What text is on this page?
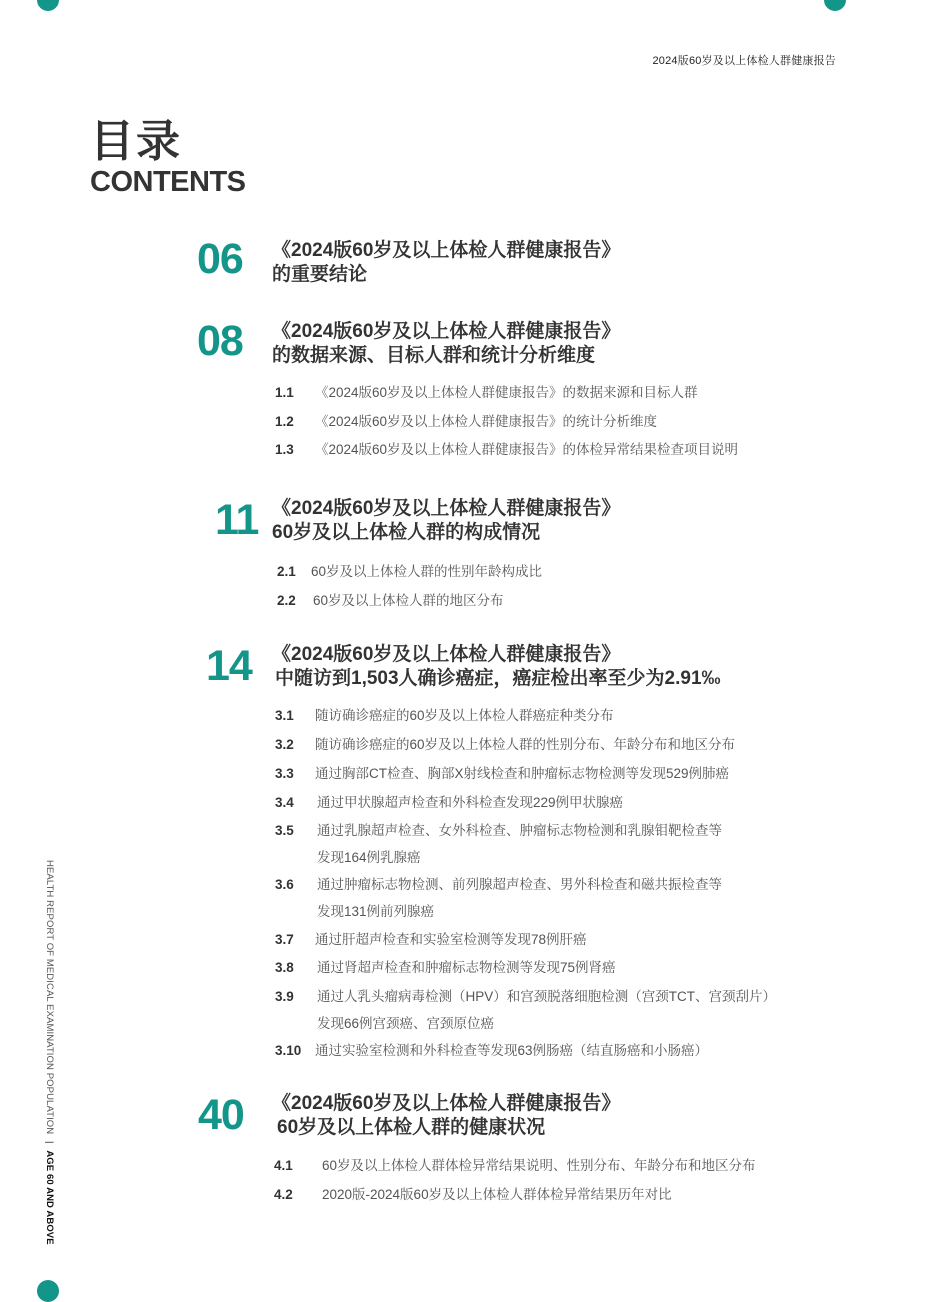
2024版60岁及以上体检人群健康报告
HEALTH REPORT OF MEDICAL EXAMINATION POPULATION | AGE 60 AND ABOVE
目录
CONTENTS
06 《2024版60岁及以上体检人群健康报告》
的重要结论
08 《2024版60岁及以上体检人群健康报告》
的数据来源、目标人群和统计分析维度
1.1 《2024版60岁及以上体检人群健康报告》的数据来源和目标人群
1.2 《2024版60岁及以上体检人群健康报告》的统计分析维度
1.3 《2024版60岁及以上体检人群健康报告》的体检异常结果检查项目说明
11 《2024版60岁及以上体检人群健康报告》
60岁及以上体检人群的构成情况
2.1 60岁及以上体检人群的性别年龄构成比
2.2 60岁及以上体检人群的地区分布
14 《2024版60岁及以上体检人群健康报告》
中随访到1,503人确诊癌症，癌症检出率至少为2.91‰
3.1 随访确诊癌症的60岁及以上体检人群癌症种类分布
3.2 随访确诊癌症的60岁及以上体检人群的性别分布、年龄分布和地区分布
3.3 通过胸部CT检查、胸部X射线检查和肿瘤标志物检测等发现529例肺癌
3.4 通过甲状腺超声检查和外科检查发现229例甲状腺癌
3.5 通过乳腺超声检查、女外科检查、肿瘤标志物检测和乳腺钼靶检查等
发现164例乳腺癌
3.6 通过肿瘤标志物检测、前列腺超声检查、男外科检查和磁共振检查等
发现131例前列腺癌
3.7 通过肝超声检查和实验室检测等发现78例肝癌
3.8 通过肾超声检查和肿瘤标志物检测等发现75例肾癌
3.9 通过人乳头瘤病毒检测（HPV）和宫颈脱落细胞检测（宫颈TCT、宫颈刮片）
发现66例宫颈癌、宫颈原位癌
3.10 通过实验室检测和外科检查等发现63例肠癌（结直肠癌和小肠癌）
40 《2024版60岁及以上体检人群健康报告》
60岁及以上体检人群的健康状况
4.1 60岁及以上体检人群体检异常结果说明、性别分布、年龄分布和地区分布
4.2 2020版-2024版60岁及以上体检人群体检异常结果历年对比
